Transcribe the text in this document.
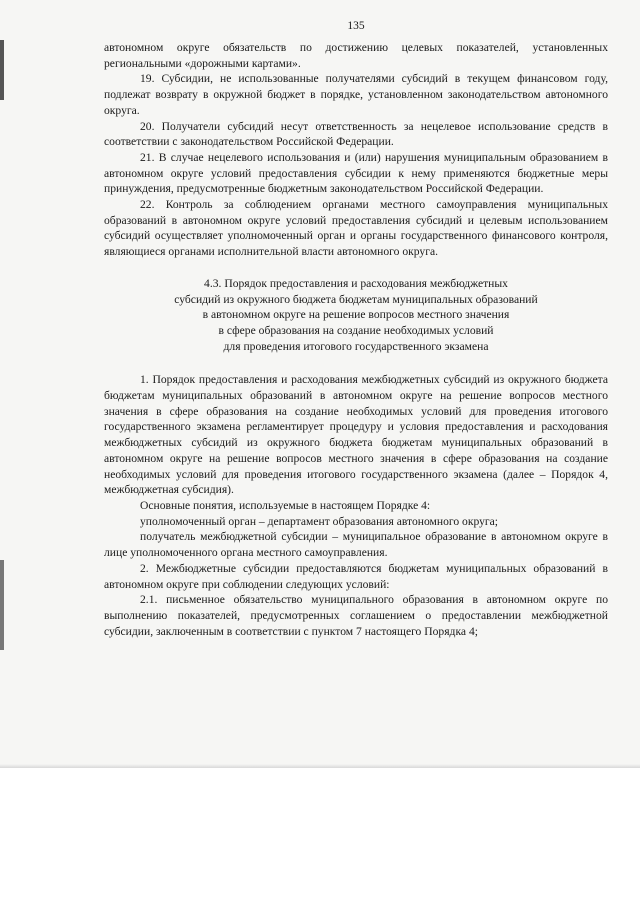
135

автономном округе обязательств по достижению целевых показателей, установленных региональными «дорожными картами».

19. Субсидии, не использованные получателями субсидий в текущем финансовом году, подлежат возврату в окружной бюджет в порядке, установленном законодательством автономного округа.

20. Получатели субсидий несут ответственность за нецелевое использование средств в соответствии с законодательством Российской Федерации.

21. В случае нецелевого использования и (или) нарушения муниципальным образованием в автономном округе условий предоставления субсидии к нему применяются бюджетные меры принуждения, предусмотренные бюджетным законодательством Российской Федерации.

22. Контроль за соблюдением органами местного самоуправления муниципальных образований в автономном округе условий предоставления субсидий и целевым использованием субсидий осуществляет уполномоченный орган и органы государственного финансового контроля, являющиеся органами исполнительной власти автономного округа.

4.3. Порядок предоставления и расходования межбюджетных
субсидий из окружного бюджета бюджетам муниципальных образований
в автономном округе на решение вопросов местного значения
в сфере образования на создание необходимых условий
для проведения итогового государственного экзамена

1. Порядок предоставления и расходования межбюджетных субсидий из окружного бюджета бюджетам муниципальных образований в автономном округе на решение вопросов местного значения в сфере образования на создание необходимых условий для проведения итогового государственного экзамена регламентирует процедуру и условия предоставления и расходования межбюджетных субсидий из окружного бюджета бюджетам муниципальных образований в автономном округе на решение вопросов местного значения в сфере образования на создание необходимых условий для проведения итогового государственного экзамена (далее – Порядок 4, межбюджетная субсидия).

Основные понятия, используемые в настоящем Порядке 4:

уполномоченный орган – департамент образования автономного округа;

получатель межбюджетной субсидии – муниципальное образование в автономном округе в лице уполномоченного органа местного самоуправления.

2. Межбюджетные субсидии предоставляются бюджетам муниципальных образований в автономном округе при соблюдении следующих условий:

2.1. письменное обязательство муниципального образования в автономном округе по выполнению показателей, предусмотренных соглашением о предоставлении межбюджетной субсидии, заключенным в соответствии с пунктом 7 настоящего Порядка 4;
